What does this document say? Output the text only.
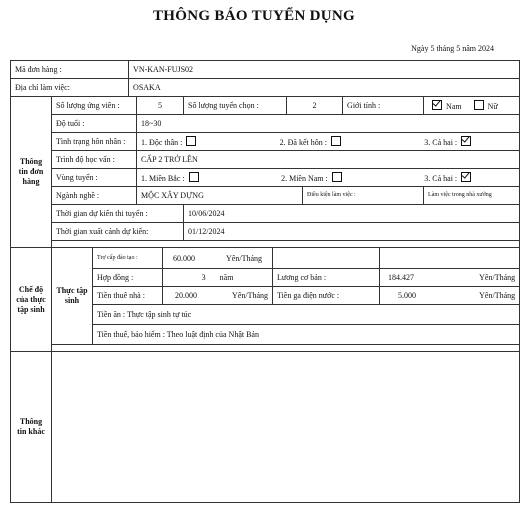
THÔNG BÁO TUYỂN DỤNG
Ngày 5 tháng 5 năm 2024
Mã đơn hàng :			VN-KAN-FUJS02									
Địa chỉ làm việc:			OSAKA									
Thông tin đơn hàng	Số lượng ứng viên :			5		Số lượng tuyển chọn :		2		Giới tính :		Nam Nữ
	Độ tuổi :			18~30								
	Tình trạng hôn nhân :			1. Độc thân : 2. Đã kết hôn : 3. Cả hai :								

	Trình độ học vấn :			CẤP 2 TRỞ LÊN								
	Vùng tuyển :			1. Miền Bắc : 2. Miền Nam : 3. Cả hai :								

	Ngành nghề :			MỘC XÂY DỰNG					Điều kiện làm việc :			Làm việc trong nhà xưởng
	Thời gian dự kiến thi tuyển :					10/06/2024						
	Thời gian xuất cảnh dự kiến:					01/12/2024						

Chế độ của thực tập sinh	Thực tập sinh	Trợ cấp đào tạo :			60.000 Yên/Tháng							

		Hợp đồng :			3 năm		Lương cơ bản :				184.427 Yên/Tháng	

		Tiền thuê nhà :			20.000 Yên/Tháng		Tiền ga điện nước :				5.000 Yên/Tháng	

		Tiền ăn : Thực tập sinh tự túc										
		Tiền thuế, bảo hiểm : Theo luật định của Nhật Bản										

Thông tin khác												
